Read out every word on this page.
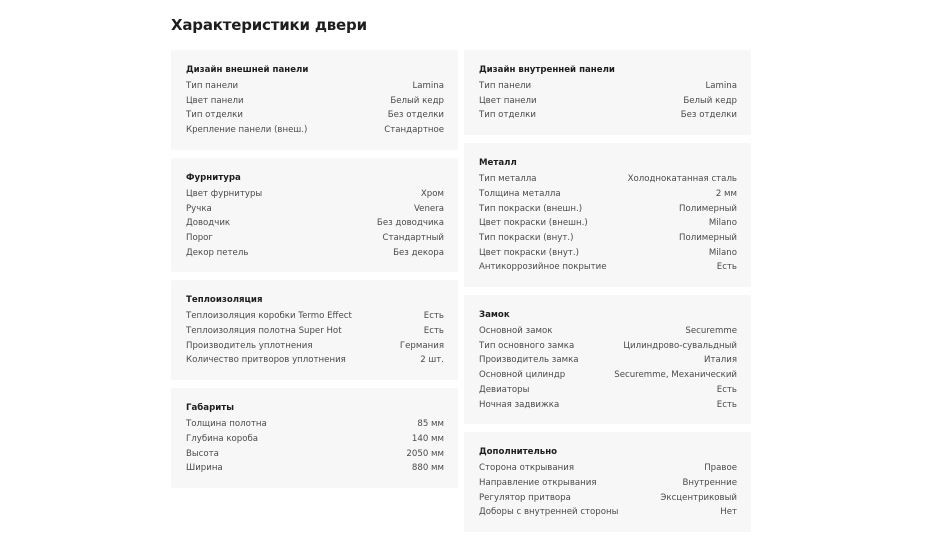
Характеристики двери
Дизайн внешней панели
Тип панели	Lamina
Цвет панели	Белый кедр
Тип отделки	Без отделки
Крепление панели (внеш.)	Стандартное
Фурнитура
Цвет фурнитуры	Хром
Ручка	Venera
Доводчик	Без доводчика
Порог	Стандартный
Декор петель	Без декора
Теплоизоляция
Теплоизоляция коробки Termo Effect	Есть
Теплоизоляция полотна Super Hot	Есть
Производитель уплотнения	Германия
Количество притворов уплотнения	2 шт.
Габариты
Толщина полотна	85 мм
Глубина короба	140 мм
Высота	2050 мм
Ширина	880 мм
Дизайн внутренней панели
Тип панели	Lamina
Цвет панели	Белый кедр
Тип отделки	Без отделки
Металл
Тип металла	Холоднокатанная сталь
Толщина металла	2 мм
Тип покраски (внешн.)	Полимерный
Цвет покраски (внешн.)	Milano
Тип покраски (внут.)	Полимерный
Цвет покраски (внут.)	Milano
Антикоррозийное покрытие	Есть
Замок
Основной замок	Securemme
Тип основного замка	Цилиндрово-сувальдный
Производитель замка	Италия
Основной цилиндр	Securemme, Механический
Девиаторы	Есть
Ночная задвижка	Есть
Дополнительно
Сторона открывания	Правое
Направление открывания	Внутренние
Регулятор притвора	Эксцентриковый
Доборы с внутренней стороны	Нет
